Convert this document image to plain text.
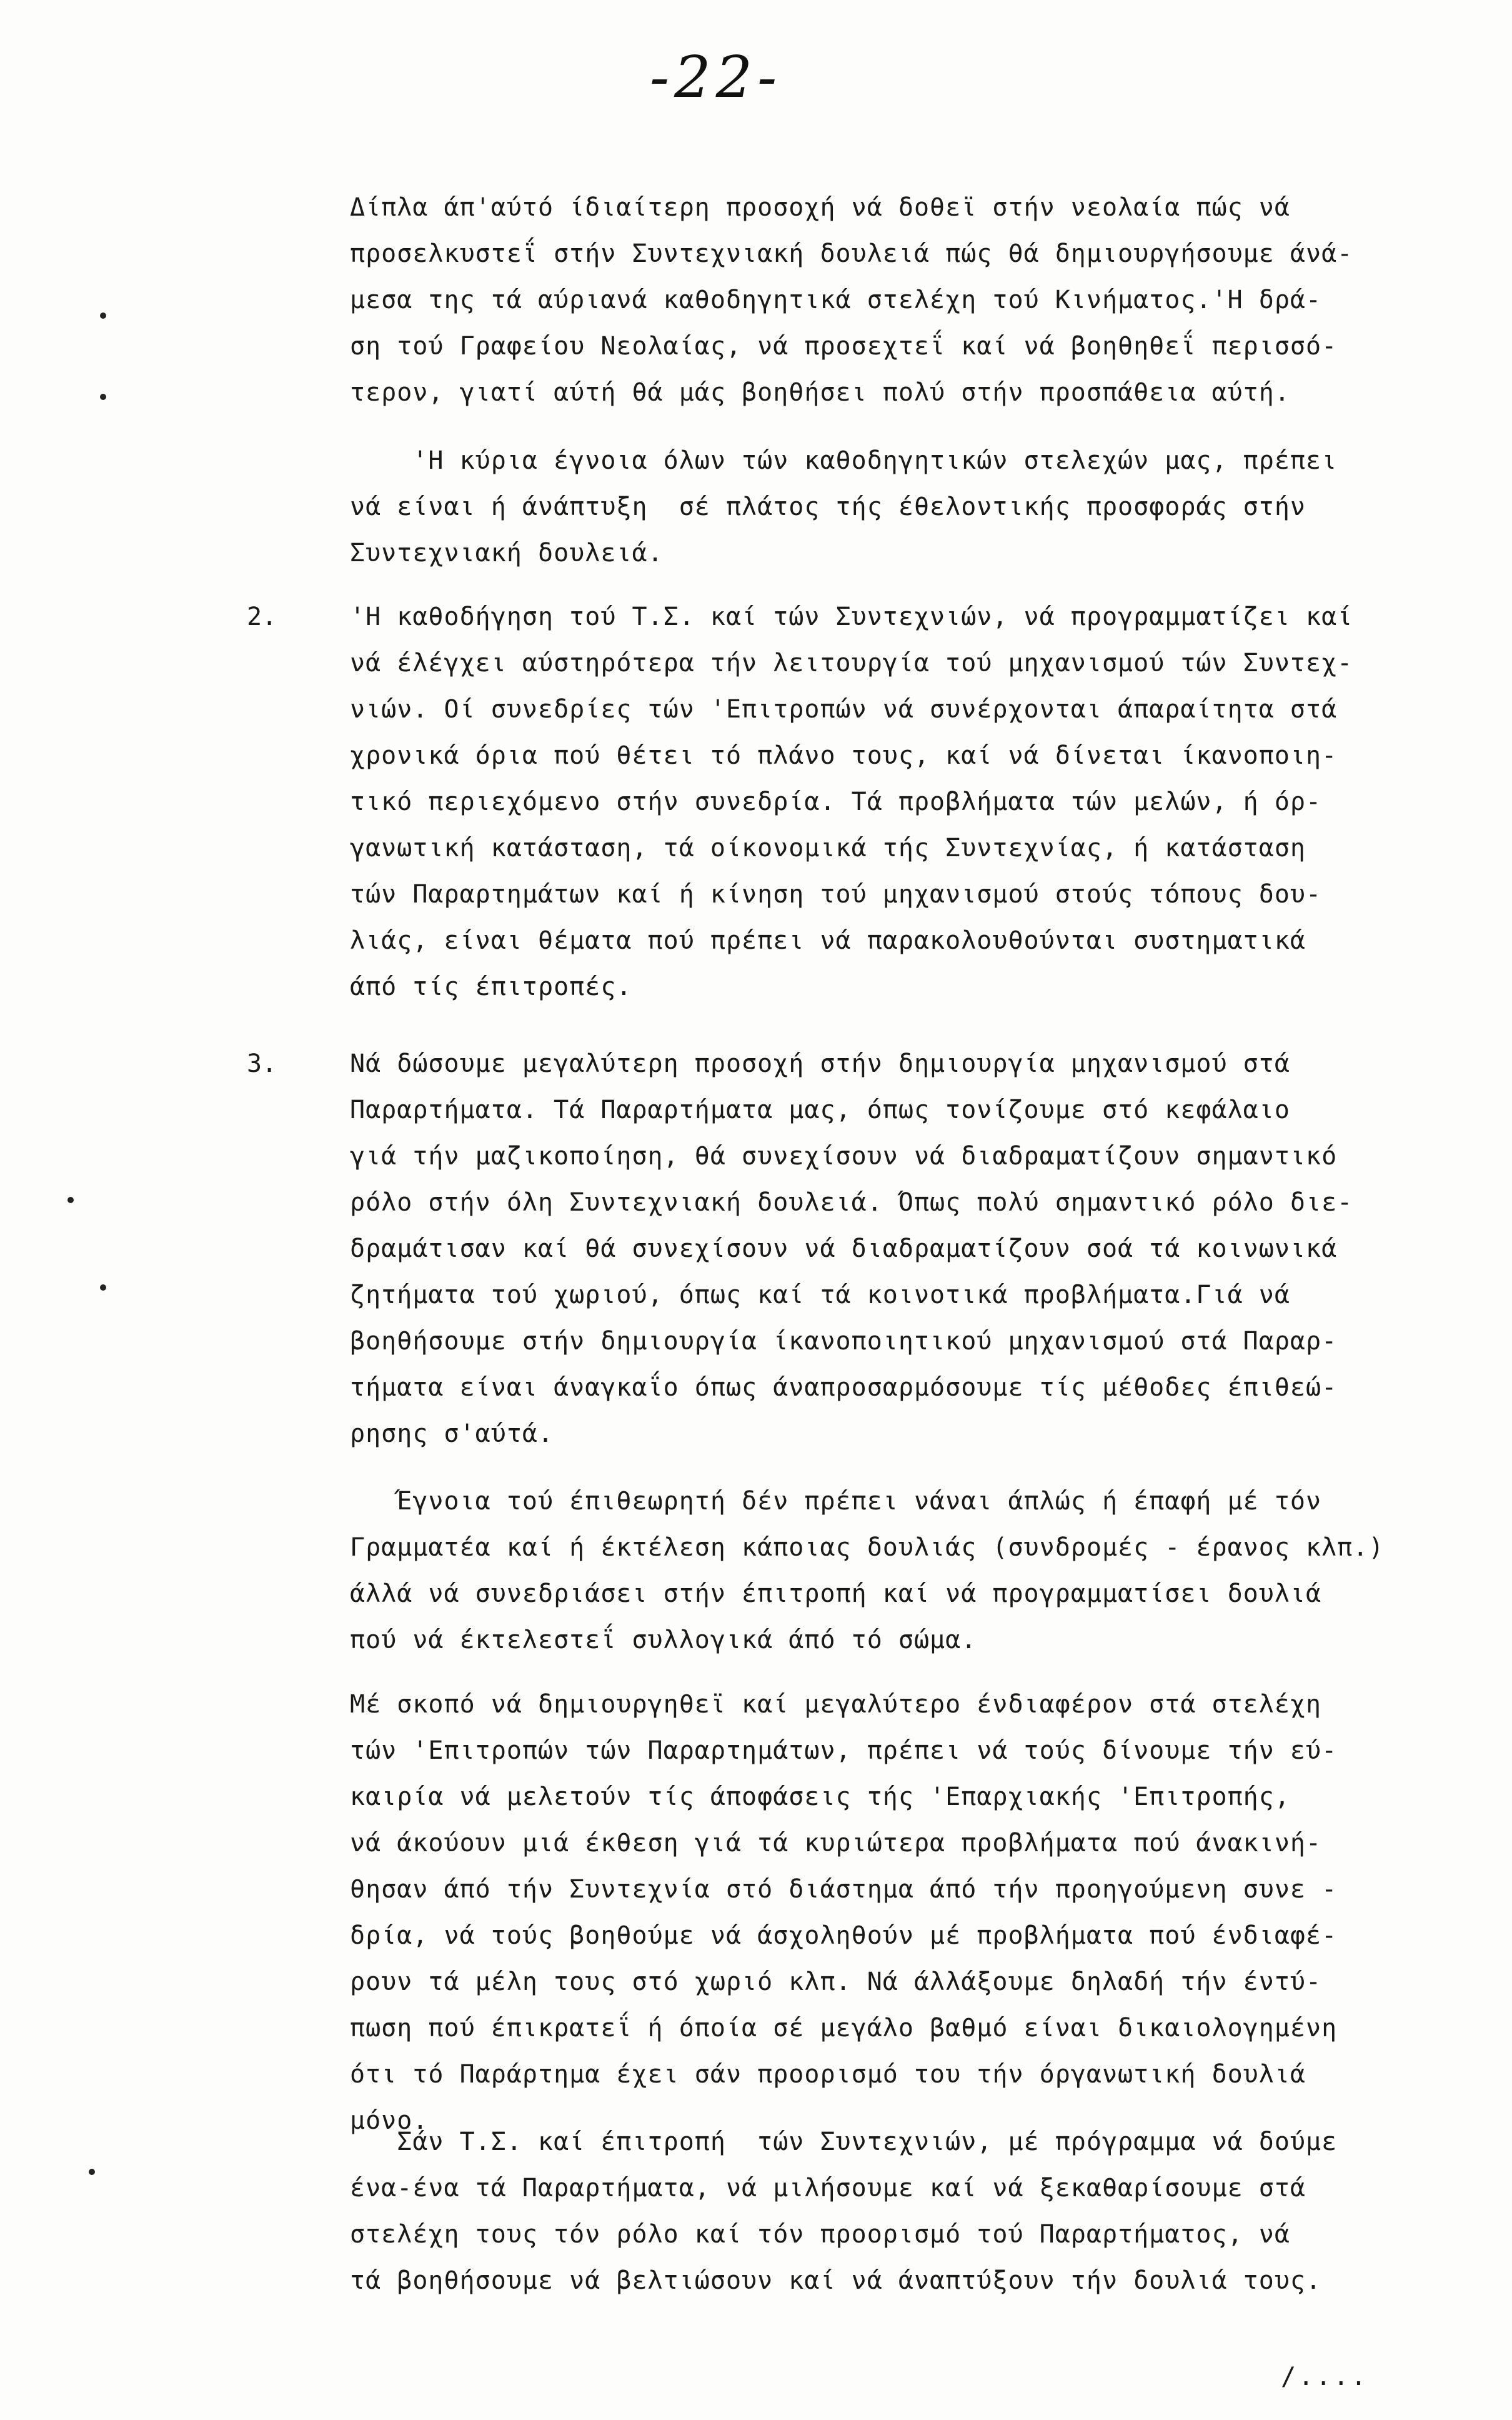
-22-
Δίπλα άπ'αύτό ίδιαίτερη προσοχή νά δοθεϊ στήν νεολαία πώς νά
προσελκυστεΐ στήν Συντεχνιακή δουλειά πώς θά δημιουργήσουμε άνά-
μεσα της τά αύριανά καθοδηγητικά στελέχη τού Κινήματος.'Η δρά-
ση τού Γραφείου Νεολαίας, νά προσεχτεΐ καί νά βοηθηθεΐ περισσό-
τερον, γιατί αύτή θά μάς βοηθήσει πολύ στήν προσπάθεια αύτή.
'Η κύρια έγνοια όλων τών καθοδηγητικών στελεχών μας, πρέπει
νά είναι ή άνάπτυξη  σέ πλάτος τής έθελοντικής προσφοράς στήν
Συντεχνιακή δουλειά.
2.	'Η καθοδήγηση τού Τ.Σ. καί τών Συντεχνιών, νά προγραμματίζει καί
νά έλέγχει αύστηρότερα τήν λειτουργία τού μηχανισμού τών Συντεχ-
νιών. Οί συνεδρίες τών 'Επιτροπών νά συνέρχονται άπαραίτητα στά
χρονικά όρια πού θέτει τό πλάνο τους, καί νά δίνεται ίκανοποιη-
τικό περιεχόμενο στήν συνεδρία. Τά προβλήματα τών μελών, ή όρ-
γανωτική κατάσταση, τά οίκονομικά τής Συντεχνίας, ή κατάσταση
τών Παραρτημάτων καί ή κίνηση τού μηχανισμού στούς τόπους δου-
λιάς, είναι θέματα πού πρέπει νά παρακολουθούνται συστηματικά
άπό τίς έπιτροπές.
3.	Νά δώσουμε μεγαλύτερη προσοχή στήν δημιουργία μηχανισμού στά
Παραρτήματα. Τά Παραρτήματα μας, όπως τονίζουμε στό κεφάλαιο
γιά τήν μαζικοποίηση, θά συνεχίσουν νά διαδραματίζουν σημαντικό
ρόλο στήν όλη Συντεχνιακή δουλειά. Όπως πολύ σημαντικό ρόλο διε-
δραμάτισαν καί θά συνεχίσουν νά διαδραματίζουν σοά τά κοινωνικά
ζητήματα τού χωριού, όπως καί τά κοινοτικά προβλήματα.Γιά νά
βοηθήσουμε στήν δημιουργία ίκανοποιητικού μηχανισμού στά Παραρ-
τήματα είναι άναγκαΐο όπως άναπροσαρμόσουμε τίς μέθοδες έπιθεώ-
ρησης σ'αύτά.
Έγνοια τού έπιθεωρητή δέν πρέπει νάναι άπλώς ή έπαφή μέ τόν
Γραμματέα καί ή έκτέλεση κάποιας δουλιάς (συνδρομές - έρανος κλπ.)
άλλά νά συνεδριάσει στήν έπιτροπή καί νά προγραμματίσει δουλιά
πού νά έκτελεστεΐ συλλογικά άπό τό σώμα.
Μέ σκοπό νά δημιουργηθεϊ καί μεγαλύτερο ένδιαφέρον στά στελέχη
τών 'Επιτροπών τών Παραρτημάτων, πρέπει νά τούς δίνουμε τήν εύ-
καιρία νά μελετούν τίς άποφάσεις τής 'Επαρχιακής 'Επιτροπής,
νά άκούουν μιά έκθεση γιά τά κυριώτερα προβλήματα πού άνακινή-
θησαν άπό τήν Συντεχνία στό διάστημα άπό τήν προηγούμενη συνε -
δρία, νά τούς βοηθούμε νά άσχοληθούν μέ προβλήματα πού ένδιαφέ-
ρουν τά μέλη τους στό χωριό κλπ. Νά άλλάξουμε δηλαδή τήν έντύ-
πωση πού έπικρατεΐ ή όποία σέ μεγάλο βαθμό είναι δικαιολογημένη
ότι τό Παράρτημα έχει σάν προορισμό του τήν όργανωτική δουλιά
μόνο.
Σάν Τ.Σ. καί έπιτροπή  τών Συντεχνιών, μέ πρόγραμμα νά δούμε
ένα-ένα τά Παραρτήματα, νά μιλήσουμε καί νά ξεκαθαρίσουμε στά
στελέχη τους τόν ρόλο καί τόν προορισμό τού Παραρτήματος, νά
τά βοηθήσουμε νά βελτιώσουν καί νά άναπτύξουν τήν δουλιά τους.
/....
